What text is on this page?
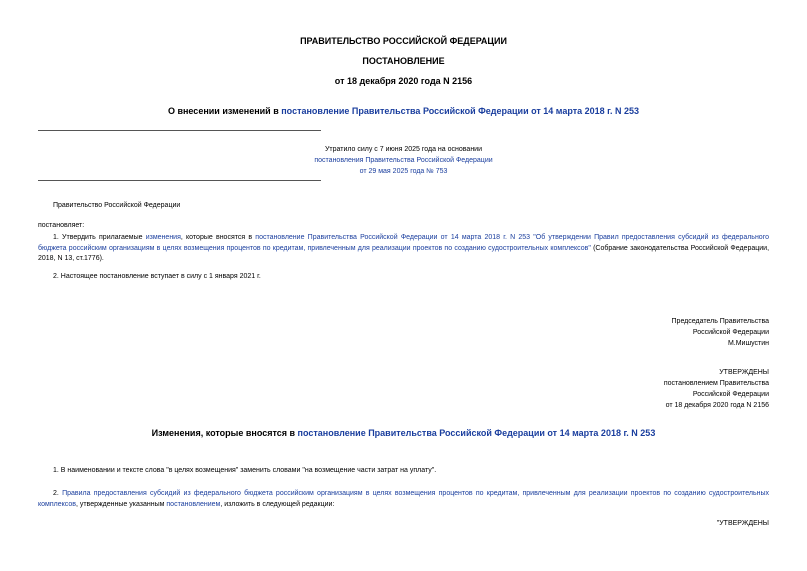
ПРАВИТЕЛЬСТВО РОССИЙСКОЙ ФЕДЕРАЦИИ
ПОСТАНОВЛЕНИЕ
от 18 декабря 2020 года N 2156
О внесении изменений в постановление Правительства Российской Федерации от 14 марта 2018 г. N 253
Утратило силу с 7 июня 2025 года на основании
постановления Правительства Российской Федерации
от 29 мая 2025 года № 753
Правительство Российской Федерации
постановляет:

1. Утвердить прилагаемые изменения, которые вносятся в постановление Правительства Российской Федерации от 14 марта 2018 г. N 253 "Об утверждении Правил предоставления субсидий из федерального бюджета российским организациям в целях возмещения процентов по кредитам, привлеченным для реализации проектов по созданию судостроительных комплексов" (Собрание законодательства Российской Федерации, 2018, N 13, ст.1776).

2. Настоящее постановление вступает в силу с 1 января 2021 г.
Председатель Правительства
Российской Федерации
М.Мишустин
УТВЕРЖДЕНЫ
постановлением Правительства
Российской Федерации
от 18 декабря 2020 года N 2156
Изменения, которые вносятся в постановление Правительства Российской Федерации от 14 марта 2018 г. N 253
1. В наименовании и тексте слова "в целях возмещения" заменить словами "на возмещение части затрат на уплату".

2. Правила предоставления субсидий из федерального бюджета российским организациям в целях возмещения процентов по кредитам, привлеченным для реализации проектов по созданию судостроительных комплексов, утвержденные указанным постановлением, изложить в следующей редакции:

"УТВЕРЖДЕНЫ
